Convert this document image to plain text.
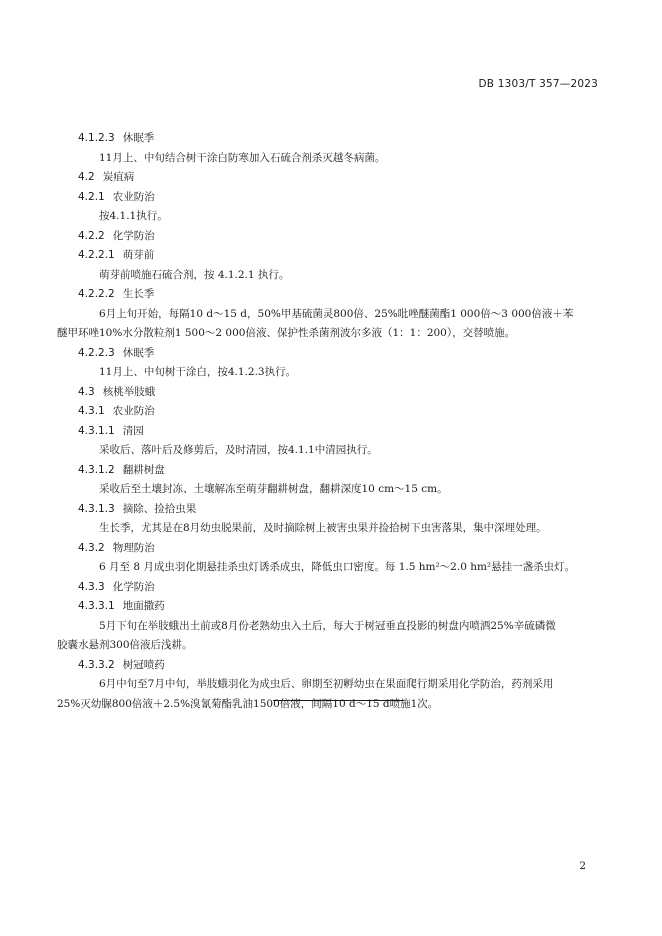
DB 1303/T 357—2023
4.1.2.3 休眠季
11月上、中旬结合树干涂白防寒加入石硫合剂杀灭越冬病菌。
4.2 炭疽病
4.2.1 农业防治
按4.1.1执行。
4.2.2 化学防治
4.2.2.1 萌芽前
萌芽前喷施石硫合剂，按 4.1.2.1 执行。
4.2.2.2 生长季
6月上旬开始，每隔10 d～15 d，50%甲基硫菌灵800倍、25%吡唑醚菌酯1 000倍～3 000倍液＋苯
醚甲环唑10%水分散粒剂1 500～2 000倍液、保护性杀菌剂波尔多液（1：1：200），交替喷施。
4.2.2.3 休眠季
11月上、中旬树干涂白，按4.1.2.3执行。
4.3 核桃举肢蛾
4.3.1 农业防治
4.3.1.1 清园
采收后、落叶后及修剪后，及时清园，按4.1.1中清园执行。
4.3.1.2 翻耕树盘
采收后至土壤封冻、土壤解冻至萌芽翻耕树盘，翻耕深度10 cm～15 cm。
4.3.1.3 摘除、捡拾虫果
生长季，尤其是在8月幼虫脱果前，及时摘除树上被害虫果并捡拾树下虫害落果，集中深埋处理。
4.3.2 物理防治
6 月至 8 月成虫羽化期悬挂杀虫灯诱杀成虫，降低虫口密度。每 1.5 hm²～2.0 hm²悬挂一盏杀虫灯。
4.3.3 化学防治
4.3.3.1 地面撒药
5月下旬在举肢蛾出土前或8月份老熟幼虫入土后，每大于树冠垂直投影的树盘内喷洒25%辛硫磷微
胶囊水悬剂300倍液后浅耕。
4.3.3.2 树冠喷药
6月中旬至7月中旬，举肢蛾羽化为成虫后、卵期至初孵幼虫在果面爬行期采用化学防治，药剂采用
25%灭幼脲800倍液＋2.5%溴氰菊酯乳油1500倍液，间隔10 d～15 d喷施1次。
2
